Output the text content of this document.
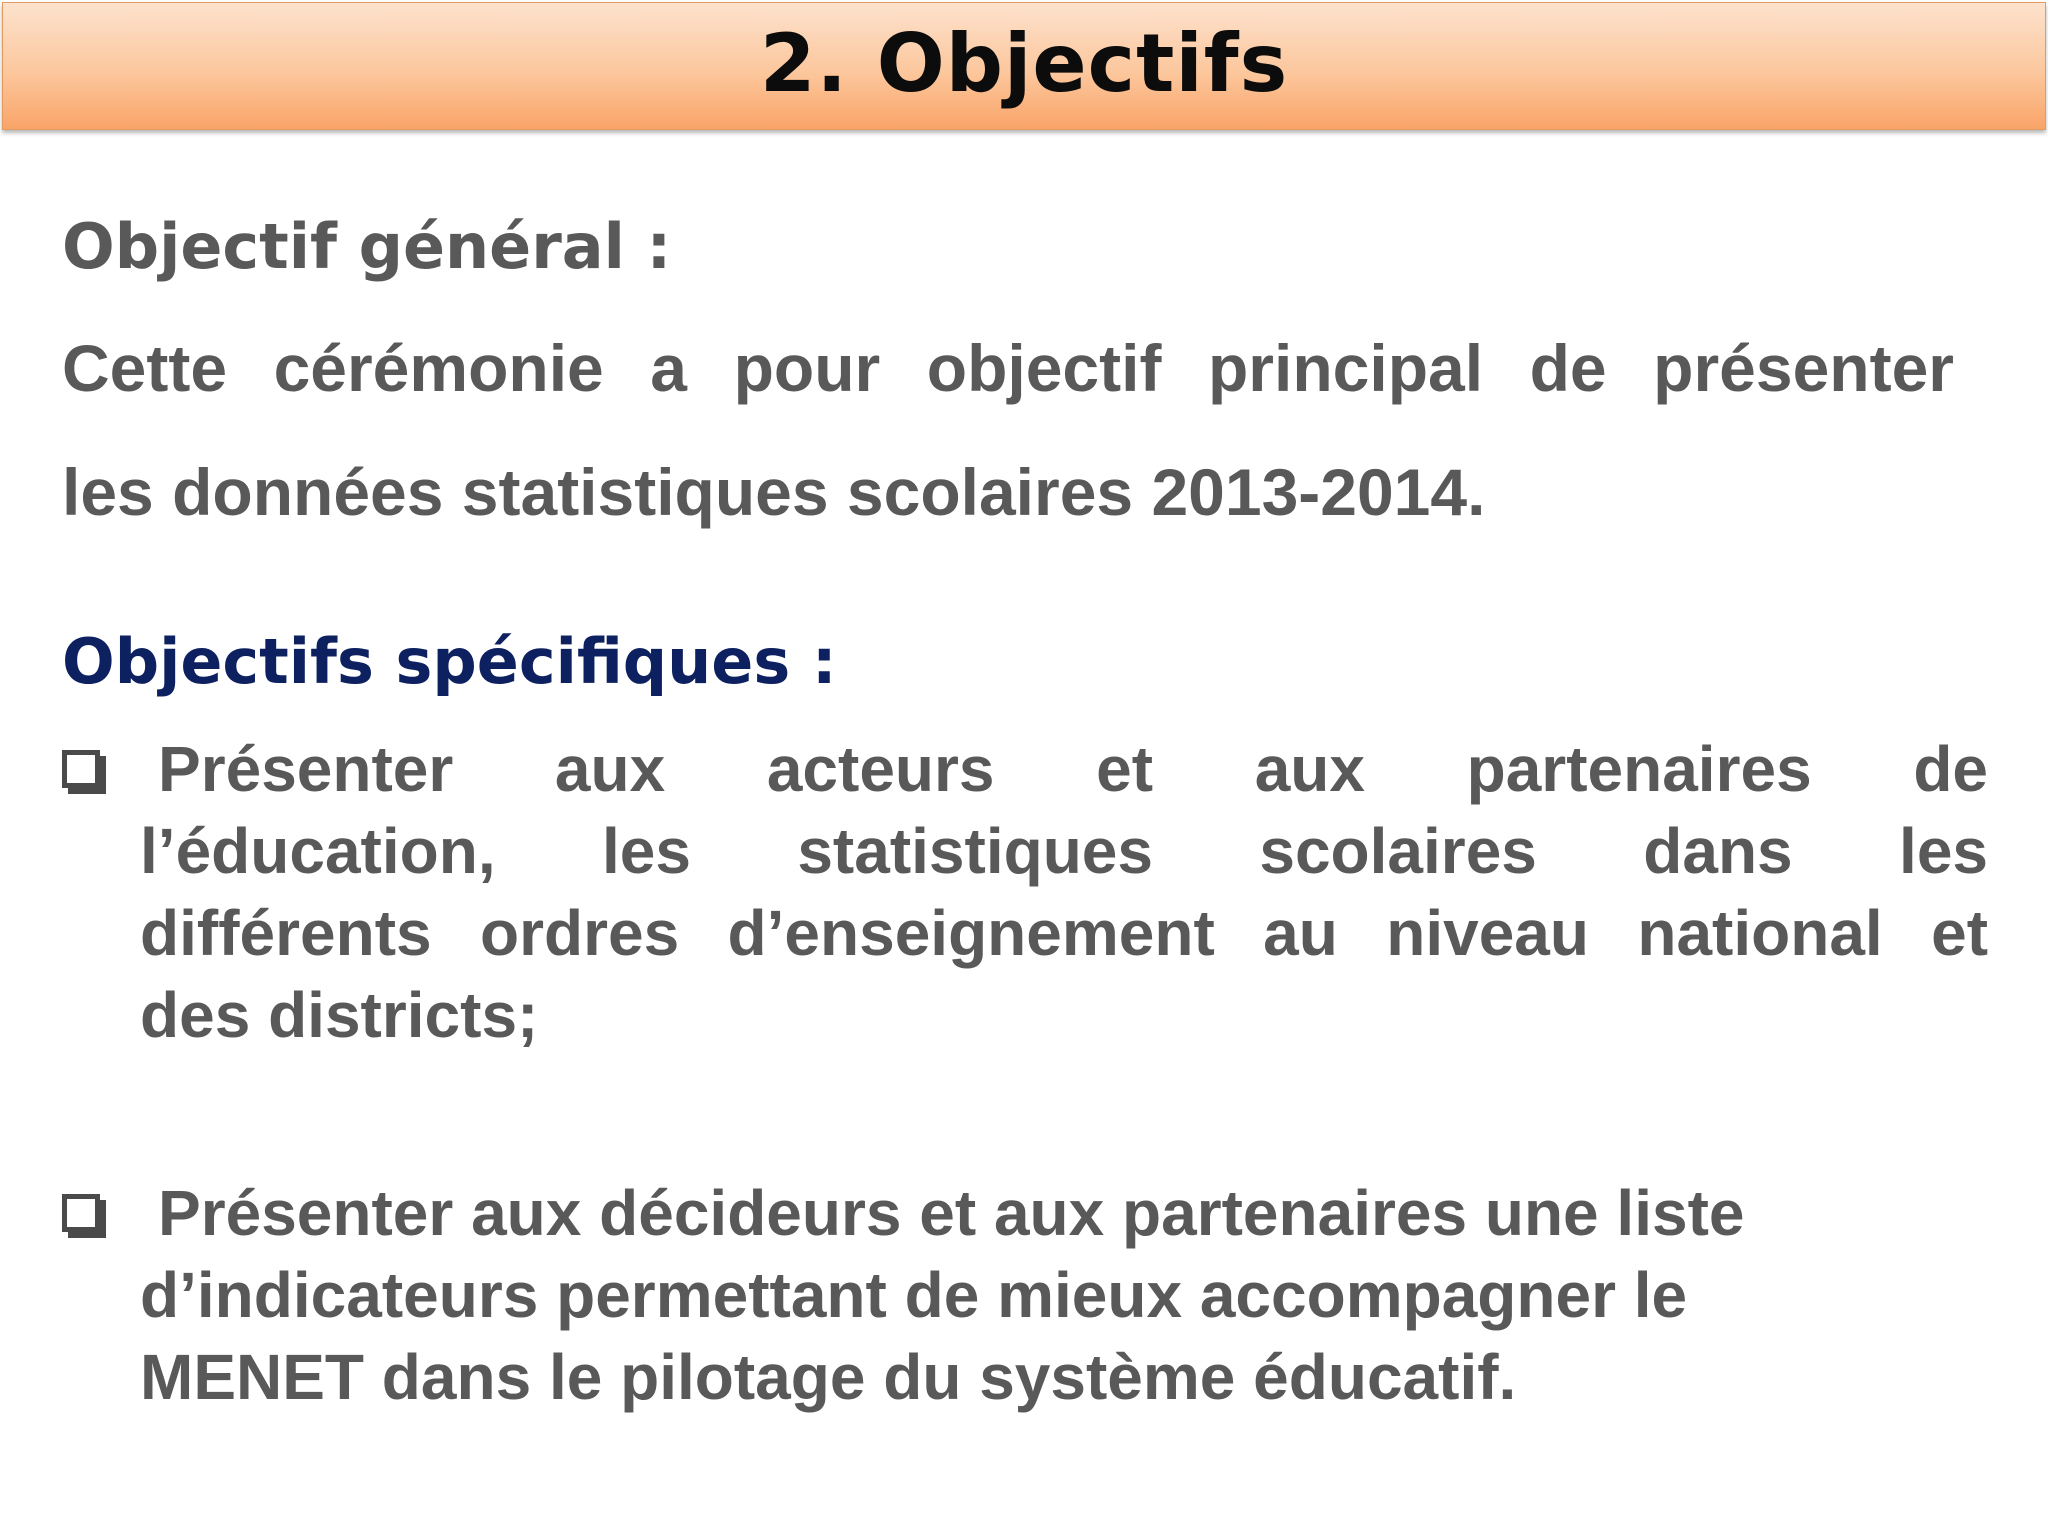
2. Objectifs
Objectif général :
Cette cérémonie a pour objectif principal de présenter
les données statistiques scolaires 2013-2014.
Objectifs spécifiques :
Présenter aux acteurs et aux partenaires de
l’éducation, les statistiques scolaires dans les
différents ordres d’enseignement au niveau national et
des districts;
Présenter aux décideurs et aux partenaires une liste
d’indicateurs permettant de mieux accompagner le
MENET dans le pilotage du système éducatif.
